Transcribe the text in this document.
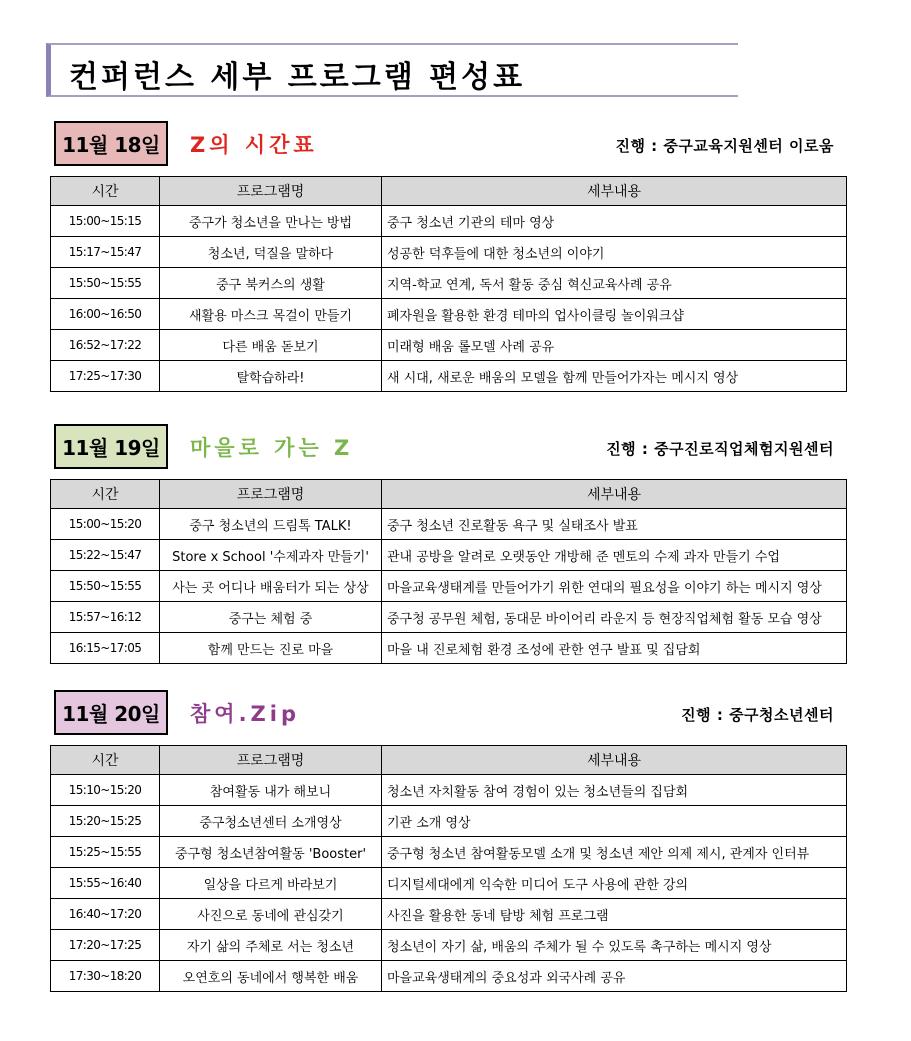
컨퍼런스 세부 프로그램 편성표
11월 18일	Z의 시간표	진행 : 중구교육지원센터 이로움
시간	프로그램명	세부내용
15:00~15:15	중구가 청소년을 만나는 방법	중구 청소년 기관의 테마 영상
15:17~15:47	청소년, 덕질을 말하다	성공한 덕후들에 대한 청소년의 이야기
15:50~15:55	중구 북커스의 생활	지역-학교 연계, 독서 활동 중심 혁신교육사례 공유
16:00~16:50	새활용 마스크 목걸이 만들기	폐자원을 활용한 환경 테마의 업사이클링 놀이워크샵
16:52~17:22	다른 배움 돋보기	미래형 배움 롤모델 사례 공유
17:25~17:30	탈학습하라!	새 시대, 새로운 배움의 모델을 함께 만들어가자는 메시지 영상
11월 19일	마을로 가는 Z	진행 : 중구진로직업체험지원센터
시간	프로그램명	세부내용
15:00~15:20	중구 청소년의 드림톡 TALK!	중구 청소년 진로활동 욕구 및 실태조사 발표
15:22~15:47	Store x School '수제과자 만들기'	관내 공방을 알려로 오랫동안 개방해 준 멘토의 수제 과자 만들기 수업
15:50~15:55	사는 곳 어디나 배움터가 되는 상상	마을교육생태계를 만들어가기 위한 연대의 필요성을 이야기 하는 메시지 영상
15:57~16:12	중구는 체험 중	중구청 공무원 체험, 동대문 바이어리 라운지 등 현장직업체험 활동 모습 영상
16:15~17:05	함께 만드는 진로 마을	마을 내 진로체험 환경 조성에 관한 연구 발표 및 집담회
11월 20일	참여.Zip	진행 : 중구청소년센터
시간	프로그램명	세부내용
15:10~15:20	참여활동 내가 해보니	청소년 자치활동 참여 경험이 있는 청소년들의 집담회
15:20~15:25	중구청소년센터 소개영상	기관 소개 영상
15:25~15:55	중구형 청소년참여활동 'Booster'	중구형 청소년 참여활동모델 소개 및 청소년 제안 의제 제시, 관계자 인터뷰
15:55~16:40	일상을 다르게 바라보기	디지털세대에게 익숙한 미디어 도구 사용에 관한 강의
16:40~17:20	사진으로 동네에 관심갖기	사진을 활용한 동네 탐방 체험 프로그램
17:20~17:25	자기 삶의 주체로 서는 청소년	청소년이 자기 삶, 배움의 주체가 될 수 있도록 촉구하는 메시지 영상
17:30~18:20	오연호의 동네에서 행복한 배움	마을교육생태계의 중요성과 외국사례 공유
